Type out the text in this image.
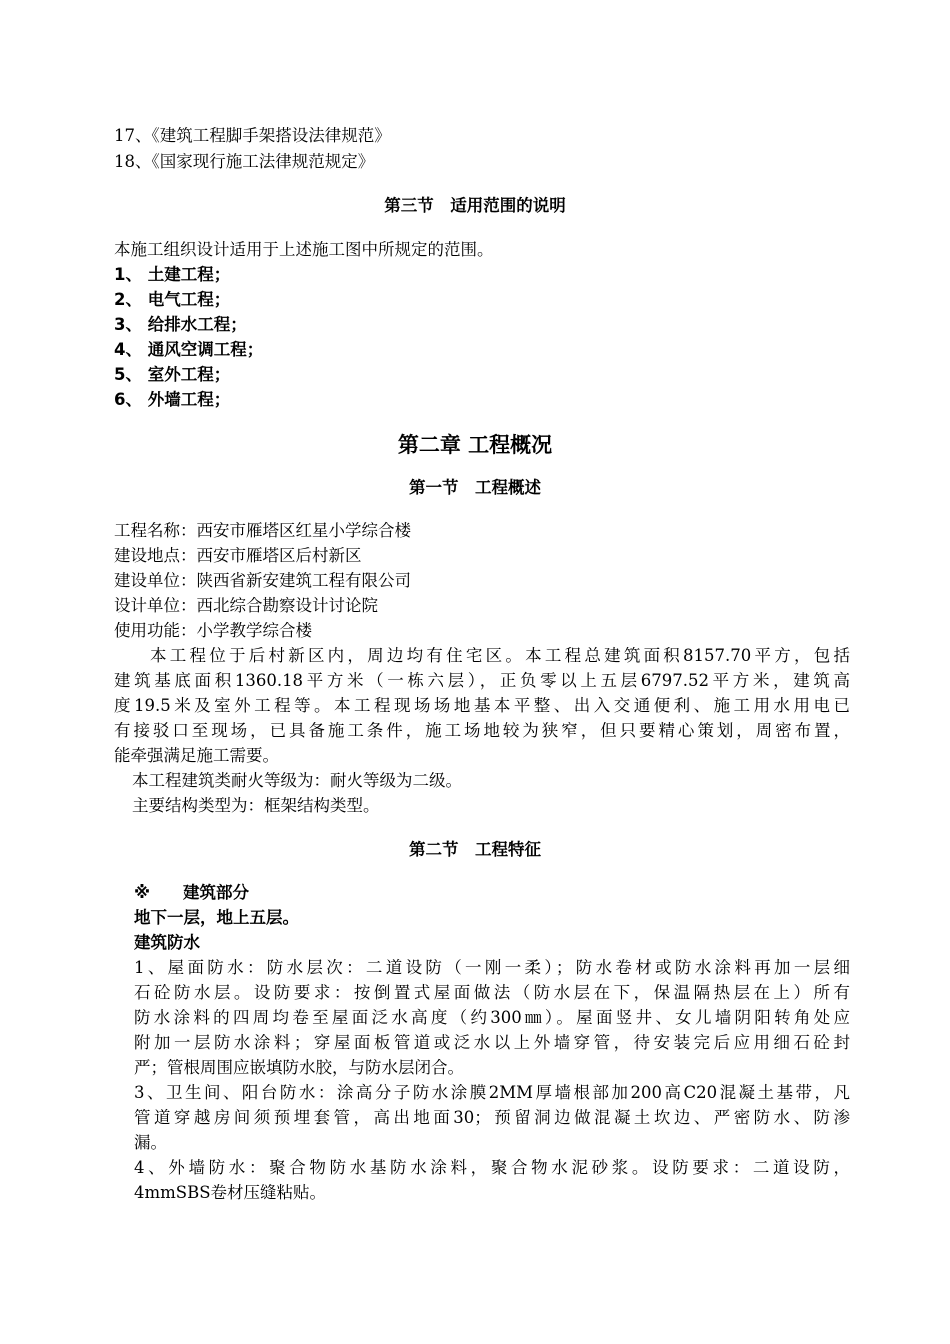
17、《建筑工程脚手架搭设法律规范》
18、《国家现行施工法律规范规定》
第三节　适用范围的说明
本施工组织设计适用于上述施工图中所规定的范围。
1、 土建工程；
2、 电气工程；
3、 给排水工程；
4、 通风空调工程；
5、 室外工程；
6、 外墙工程；
第二章 工程概况
第一节　工程概述
工程名称：西安市雁塔区红星小学综合楼
建设地点：西安市雁塔区后村新区
建设单位：陕西省新安建筑工程有限公司
设计单位：西北综合勘察设计讨论院
使用功能：小学教学综合楼
本工程位于后村新区内，周边均有住宅区。本工程总建筑面积8157.70平方，包括
建筑基底面积1360.18平方米（一栋六层），正负零以上五层6797.52平方米，建筑高
度19.5米及室外工程等。本工程现场场地基本平整、出入交通便利、施工用水用电已
有接驳口至现场，已具备施工条件，施工场地较为狭窄，但只要精心策划，周密布置，
能牵强满足施工需要。
本工程建筑类耐火等级为：耐火等级为二级。
主要结构类型为：框架结构类型。
第二节　工程特征
※　　建筑部分
地下一层，地上五层。
建筑防水
1、屋面防水：防水层次：二道设防（一刚一柔）；防水卷材或防水涂料再加一层细
石砼防水层。设防要求：按倒置式屋面做法（防水层在下，保温隔热层在上）所有
防水涂料的四周均卷至屋面泛水高度（约300㎜）。屋面竖井、女儿墙阴阳转角处应
附加一层防水涂料；穿屋面板管道或泛水以上外墙穿管，待安装完后应用细石砼封
严；管根周围应嵌填防水胶，与防水层闭合。
3、卫生间、阳台防水：涂高分子防水涂膜2MM厚墙根部加200高C20混凝土基带，凡
管道穿越房间须预埋套管，高出地面30；预留洞边做混凝土坎边、严密防水、防渗
漏。
4、外墙防水：聚合物防水基防水涂料，聚合物水泥砂浆。设防要求：二道设防，
4mmSBS卷材压缝粘贴。
